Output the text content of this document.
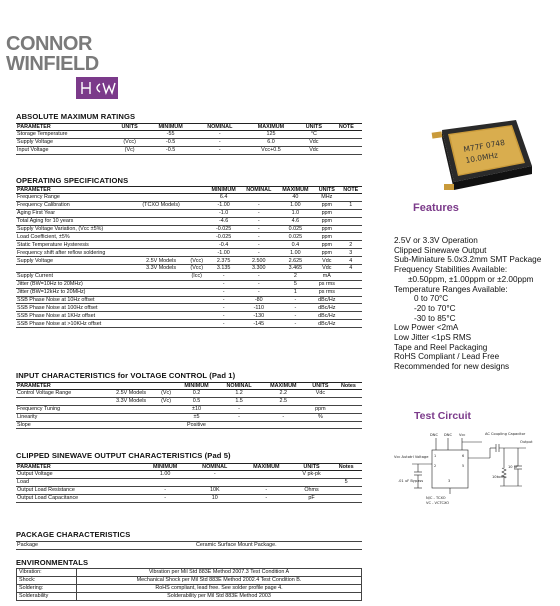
CONNOR
WINFIELD
ABSOLUTE MAXIMUM RATINGS
PARAMETER	UNITS	MINIMUM	NOMINAL	MAXIMUM	UNITS	NOTE
Storage Temperature		-55	-	125	°C	
Supply Voltage	(Vcc)	-0.5	-	6.0	Vdc	
Input Voltage	(Vc)	-0.5	-	Vcc+0.5	Vdc	
OPERATING SPECIFICATIONS
PARAMETER			MINIMUM	NOMINAL	MAXIMUM	UNITS	NOTE
Frequency Range			6.4		40	MHz	
Frequency Calibration	(TCXO Models)		-1.00	-	1.00	ppm	1
Aging First Year			-1.0	-	1.0	ppm	
Total Aging for 10 years			-4.6	-	4.6	ppm	
Supply Voltage Variation, (Vcc ±5%)			-0.025	-	0.025	ppm	
Load Coefficient, ±5%			-0.025	-	0.025	ppm	
Static Temperature Hysteresis			-0.4	-	0.4	ppm	2
Frequency shift after reflow soldering			-1.00	-	1.00	ppm	3
Supply Voltage	2.5V Models	(Vcc)	2.375	2.500	2.625	Vdc	4
	3.3V Models	(Vcc)	3.135	3.300	3.465	Vdc	4
Supply Current		(Icc)	-	-	2	mA	
Jitter (BW=10Hz to 20MHz)			-	-	5	ps rms	
Jitter (BW=12kHz to 20MHz)			-	-	1	ps rms	
SSB Phase Noise at 10Hz offset			-	-80	-	dBc/Hz	
SSB Phase Noise at 100Hz offset			-	-110	-	dBc/Hz	
SSB Phase Noise at 1KHz offset			-	-130	-	dBc/Hz	
SSB Phase Noise at >10KHz offset			-	-145	-	dBc/Hz	
INPUT CHARACTERISTICS for VOLTAGE CONTROL (Pad 1)
PARAMETER			MINIMUM	NOMINAL	MAXIMUM	UNITS	Notes
Control Voltage Range	2.5V Models	(Vc)	0.2	1.2	2.2	Vdc	
	3.3V Models	(Vc)	0.5	1.5	2.5		
Frequency Tuning			±10	-		ppm	
Linearity			±5	-	-	%	
Slope			Positive				
CLIPPED SINEWAVE OUTPUT CHARACTERISTICS (Pad 5)
PARAMETER			MINIMUM	NOMINAL	MAXIMUM	UNITS	Notes
Output Voltage			1.00	-		V pk-pk	
Load							5
Output Load Resistance			-	10K	-	Ohms	
Output Load Capacitance			-	10	-	pF	
PACKAGE CHARACTERISTICS
Package	Ceramic Surface Mount Package.
ENVIRONMENTALS
Vibration:	Vibration per Mil Std 883E Method 2007.3 Test Condition A
Shock:	Mechanical Shock per Mil Std 883E Method 2002.4 Test Condition B.
Soldering:	RoHS compliant, lead free. See solder profile page 4.
Solderability	Solderability per Mil Std 883E Method 2003
M77F 0748
10.0MHz
Features
2.5V or 3.3V Operation
Clipped Sinewave Output
Sub-Miniature 5.0x3.2mm SMT Package
Frequency Stabilities Available:
±0.50ppm, ±1.00ppm or ±2.00ppm
Temperature Ranges Available:
0 to 70°C
-20 to 70°C
-30 to 85°C
Low Power <2mA
Low Jitter <1pS RMS
Tape and Reel Packaging
RoHS Compliant / Lead Free
Recommended for new designs
Test Circuit
DNC DNC Vcc	AC Coupling Capacitor
Output
Vcc Autotrl Voltage
.01 uF Bypass
N/C - TCXO
VC - VCTCXO
10 pF
10kohm
1
2
6
5
3
